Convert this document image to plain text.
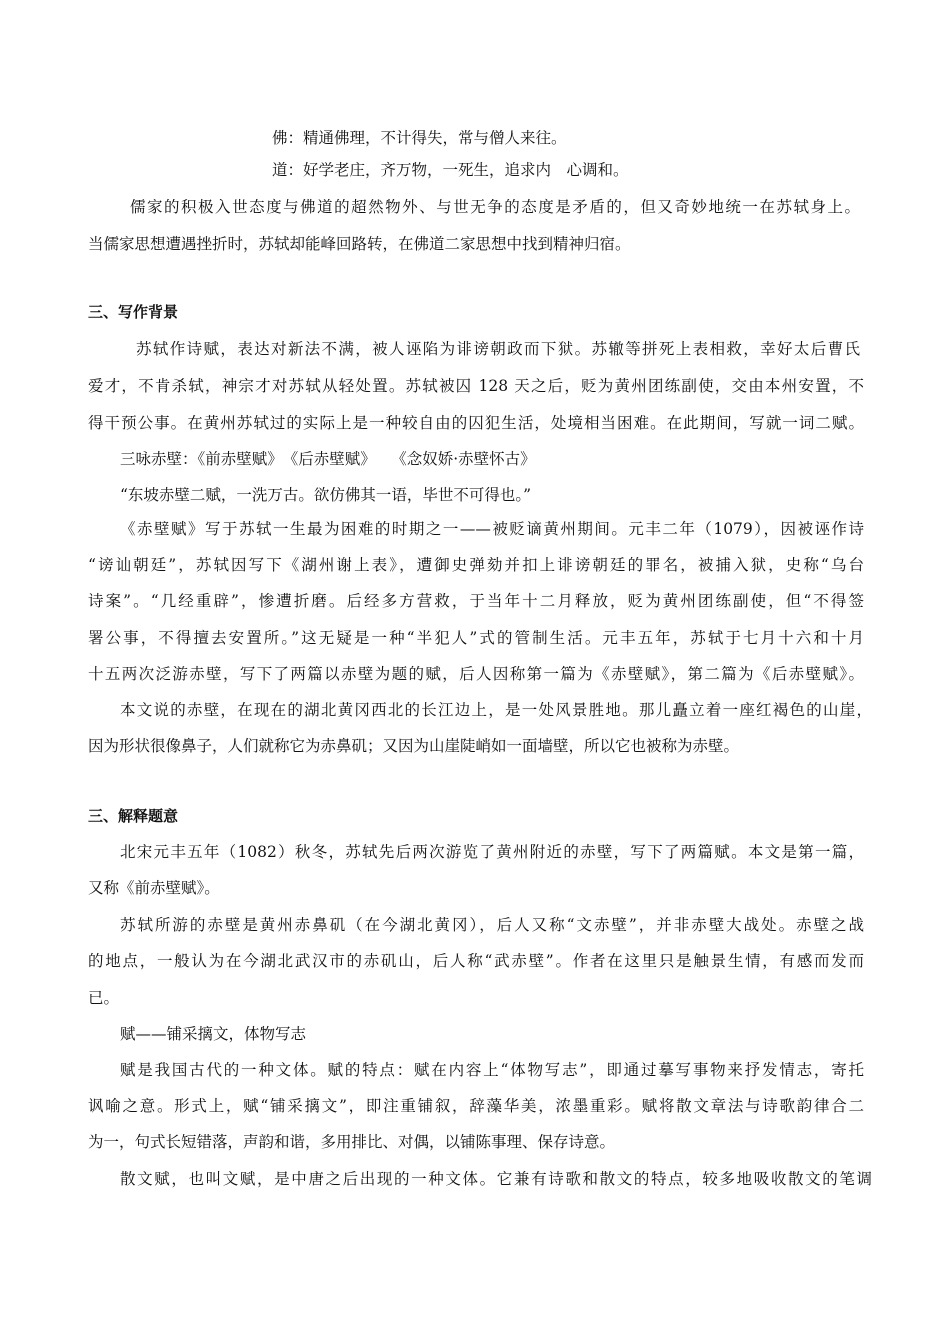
佛：精通佛理，不计得失，常与僧人来往。
道：好学老庄，齐万物，一死生，追求内　心调和。
儒家的积极入世态度与佛道的超然物外、与世无争的态度是矛盾的，但又奇妙地统一在苏轼身上。
当儒家思想遭遇挫折时，苏轼却能峰回路转，在佛道二家思想中找到精神归宿。
三、写作背景
苏轼作诗赋，表达对新法不满，被人诬陷为诽谤朝政而下狱。苏辙等拼死上表相救，幸好太后曹氏
爱才，不肯杀轼，神宗才对苏轼从轻处置。苏轼被囚 128 天之后，贬为黄州团练副使，交由本州安置，不
得干预公事。在黄州苏轼过的实际上是一种较自由的囚犯生活，处境相当困难。在此期间，写就一词二赋。
三咏赤壁：《前赤壁赋》　《后赤壁赋》　　《念奴娇·赤壁怀古》
“东坡赤壁二赋，一洗万古。欲仿佛其一语，毕世不可得也。”
《赤壁赋》写于苏轼一生最为困难的时期之一——被贬谪黄州期间。元丰二年（1079），因被诬作诗
“谤讪朝廷”，苏轼因写下《湖州谢上表》，遭御史弹劾并扣上诽谤朝廷的罪名，被捕入狱，史称“乌台
诗案”。“几经重辟”，惨遭折磨。后经多方营救，于当年十二月释放，贬为黄州团练副使，但“不得签
署公事，不得擅去安置所。”这无疑是一种“半犯人”式的管制生活。元丰五年，苏轼于七月十六和十月
十五两次泛游赤壁，写下了两篇以赤壁为题的赋，后人因称第一篇为《赤壁赋》，第二篇为《后赤壁赋》。
本文说的赤壁，在现在的湖北黄冈西北的长江边上，是一处风景胜地。那儿矗立着一座红褐色的山崖，
因为形状很像鼻子，人们就称它为赤鼻矶；又因为山崖陡峭如一面墙壁，所以它也被称为赤壁。
三、解释题意
北宋元丰五年（1082）秋冬，苏轼先后两次游览了黄州附近的赤壁，写下了两篇赋。本文是第一篇，
又称《前赤壁赋》。
苏轼所游的赤壁是黄州赤鼻矶（在今湖北黄冈），后人又称“文赤壁”，并非赤壁大战处。赤壁之战
的地点，一般认为在今湖北武汉市的赤矶山，后人称“武赤壁”。作者在这里只是触景生情，有感而发而
已。
赋——铺采摛文，体物写志
赋是我国古代的一种文体。赋的特点：赋在内容上“体物写志”，即通过摹写事物来抒发情志，寄托
讽喻之意。形式上，赋“铺采摛文”，即注重铺叙，辞藻华美，浓墨重彩。赋将散文章法与诗歌韵律合二
为一，句式长短错落，声韵和谐，多用排比、对偶，以铺陈事理、保存诗意。
散文赋，也叫文赋，是中唐之后出现的一种文体。它兼有诗歌和散文的特点，较多地吸收散文的笔调
